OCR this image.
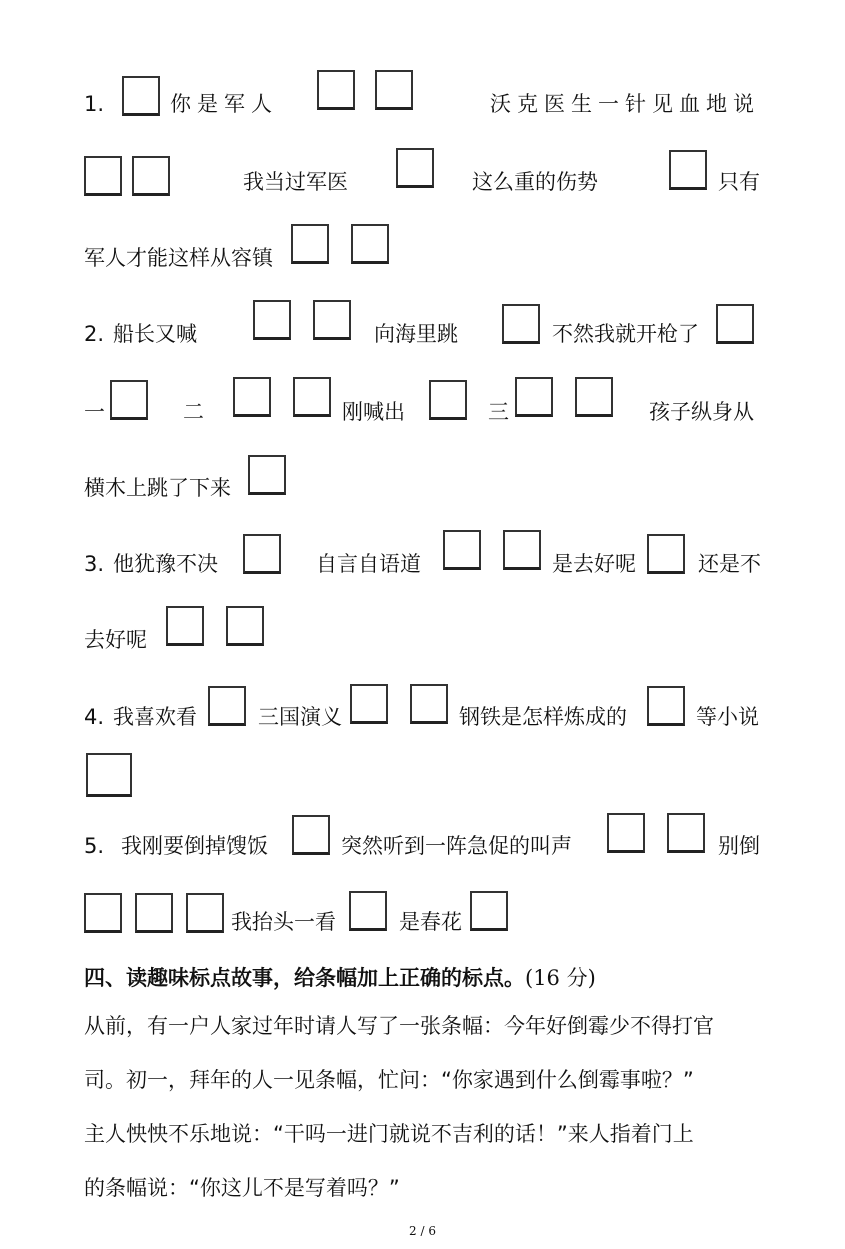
1.	你是军人	沃克医生一针见血地说
我当过军医	这么重的伤势	只有
军人才能这样从容镇
2. 船长又喊	向海里跳	不然我就开枪了
一	二	刚喊出	三	孩子纵身从
横木上跳了下来
3. 他犹豫不决	自言自语道	是去好呢	还是不
去好呢
4. 我喜欢看	三国演义	钢铁是怎样炼成的	等小说
5. 我刚要倒掉馊饭	突然听到一阵急促的叫声	别倒
我抬头一看	是春花
四、读趣味标点故事，给条幅加上正确的标点。(16 分)
从前，有一户人家过年时请人写了一张条幅：今年好倒霉少不得打官
司。初一，拜年的人一见条幅，忙问：“你家遇到什么倒霉事啦？”
主人怏怏不乐地说：“干吗一进门就说不吉利的话！”来人指着门上
的条幅说：“你这儿不是写着吗？”
2 / 6
